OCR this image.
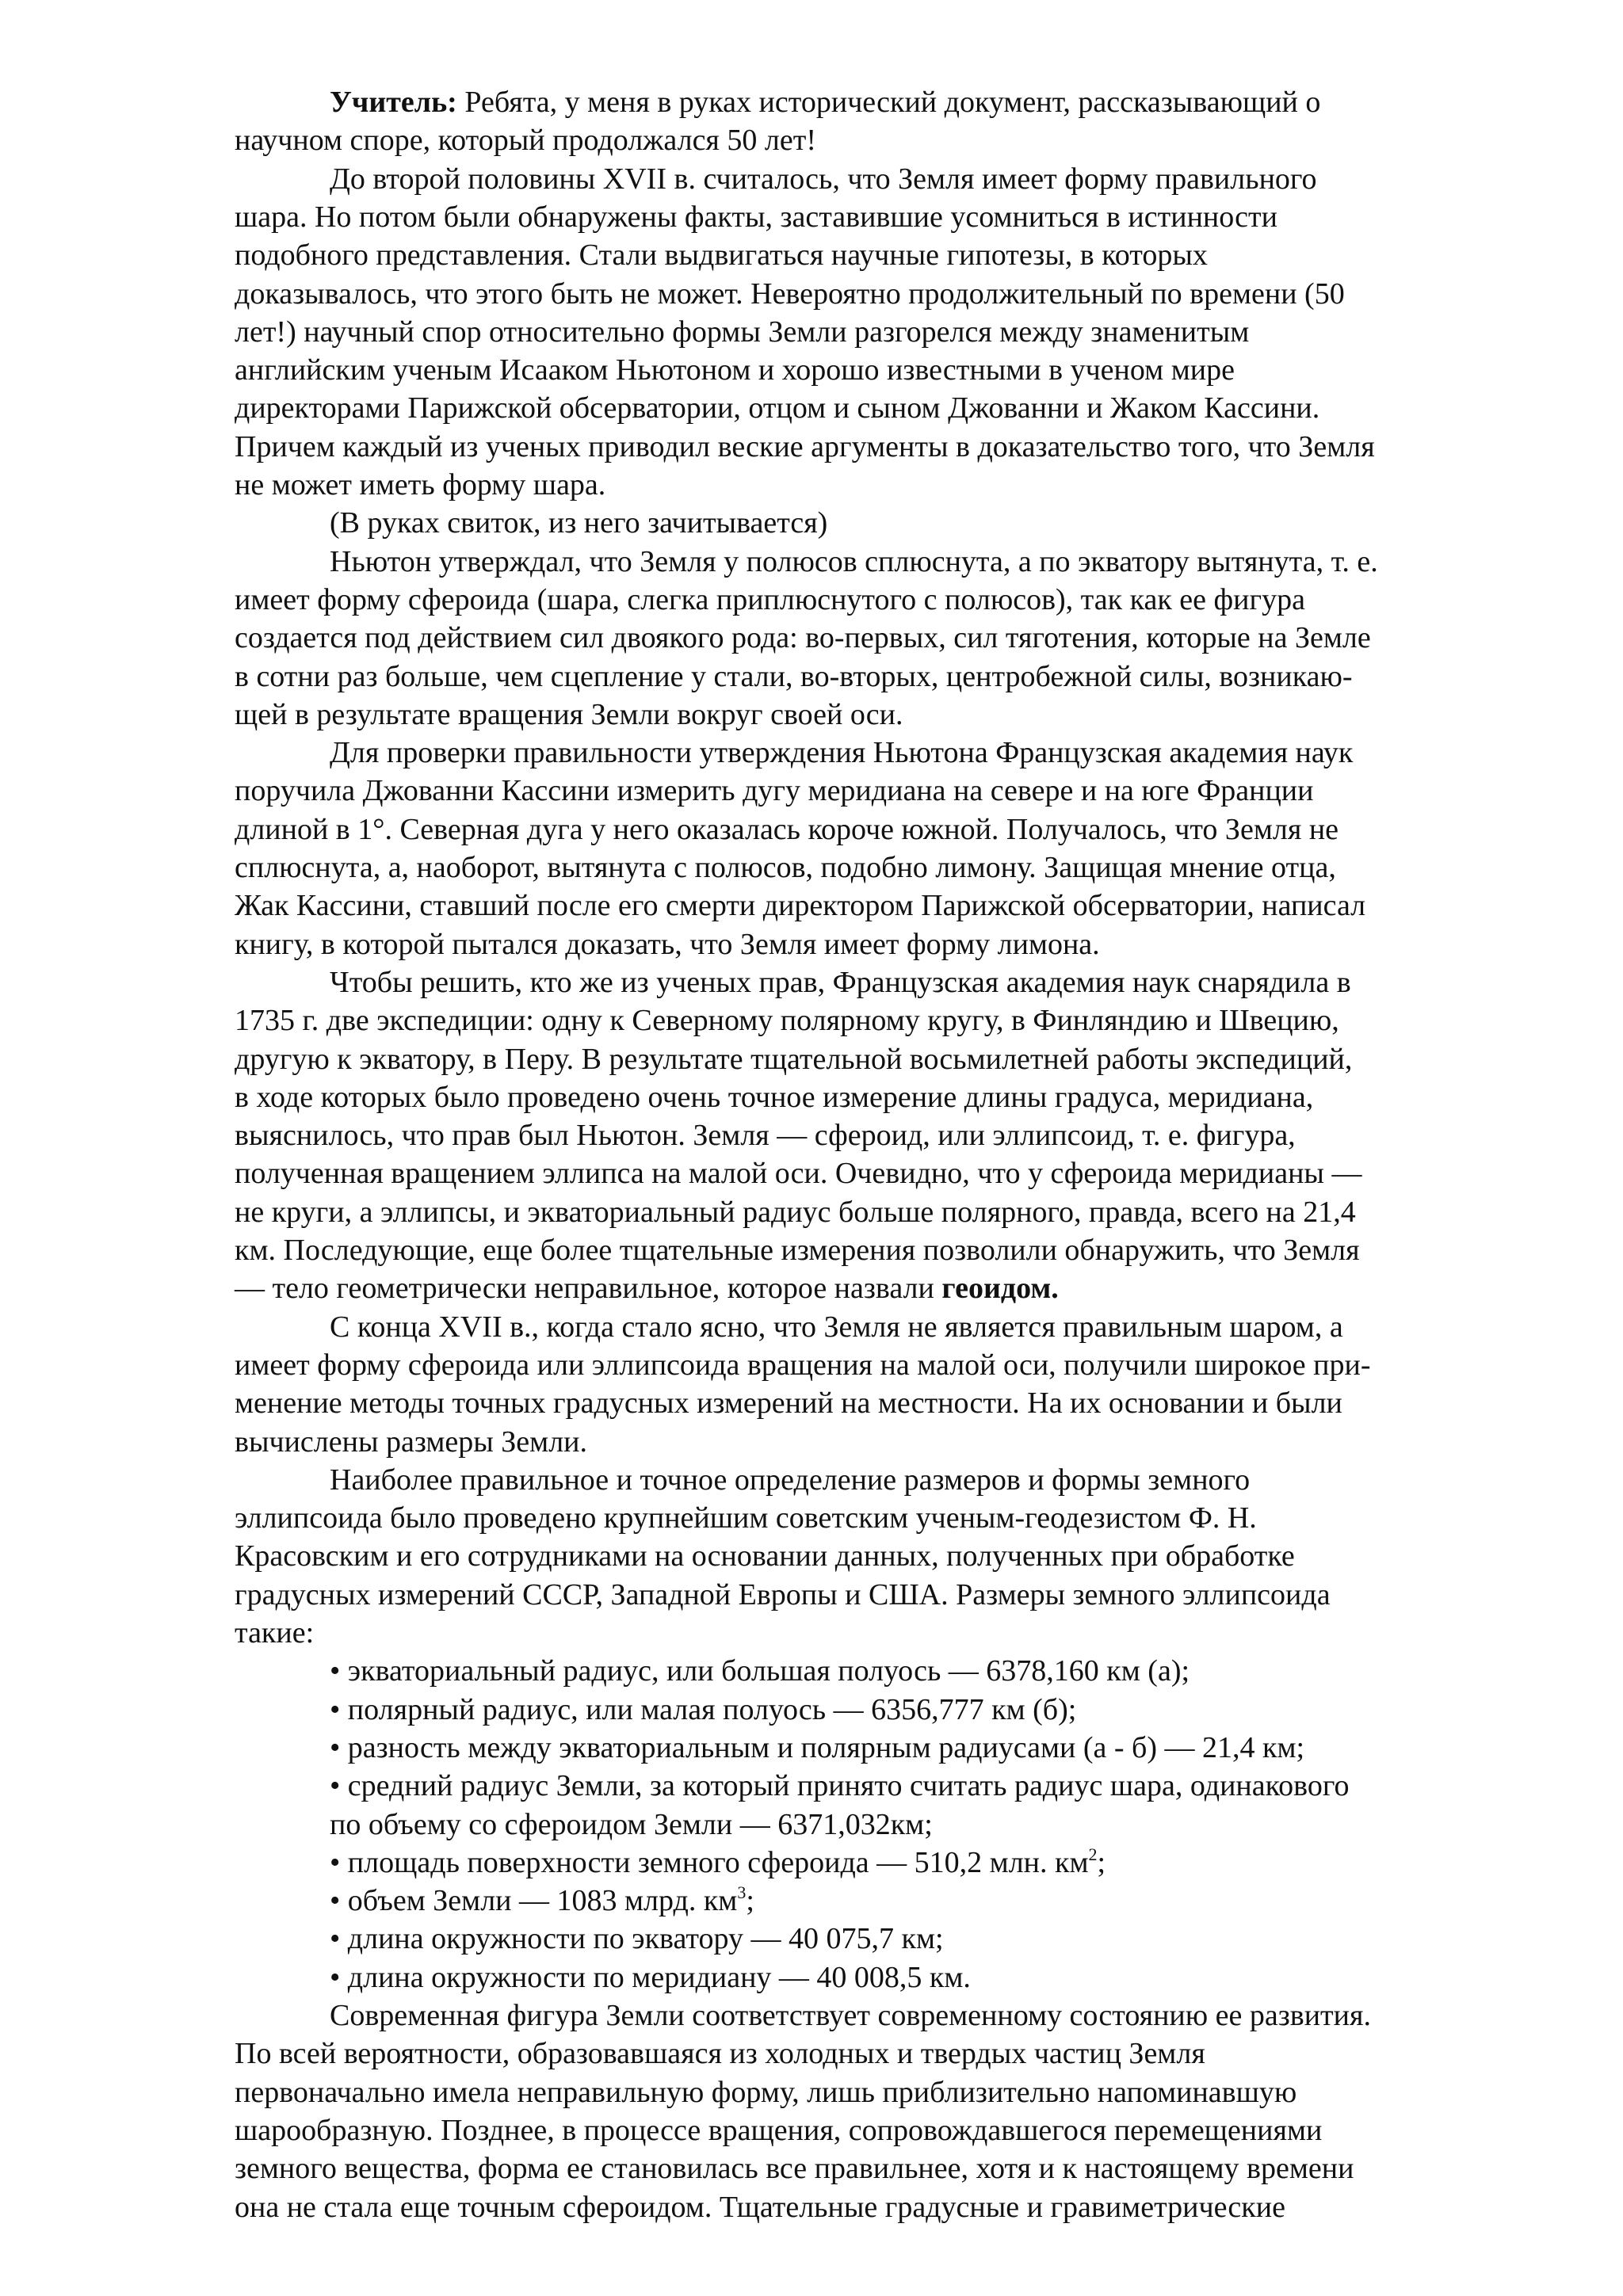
Учитель: Ребята, у меня в руках исторический документ, рассказывающий о
научном споре, который продолжался 50 лет!
До второй половины XVII в. считалось, что Земля имеет форму правильного
шара. Но потом были обнаружены факты, заставившие усомниться в истинности
подобного представления. Стали выдвигаться научные гипотезы, в которых
доказывалось, что этого быть не может. Невероятно продолжительный по времени (50
лет!) научный спор относительно формы Земли разгорелся между знаменитым
английским ученым Исааком Ньютоном и хорошо известными в ученом мире
директорами Парижской обсерватории, отцом и сыном Джованни и Жаком Кассини.
Причем каждый из ученых приводил веские аргументы в доказательство того, что Земля
не может иметь форму шара.
(В руках свиток, из него зачитывается)
Ньютон утверждал, что Земля у полюсов сплюснута, а по экватору вытянута, т. е.
имеет форму сфероида (шара, слегка приплюснутого с полюсов), так как ее фигура
создается под действием сил двоякого рода: во-первых, сил тяготения, которые на Земле
в сотни раз больше, чем сцепление у стали, во-вторых, центробежной силы, возникаю-
щей в результате вращения Земли вокруг своей оси.
Для проверки правильности утверждения Ньютона Французская академия наук
поручила Джованни Кассини измерить дугу меридиана на севере и на юге Франции
длиной в 1°. Северная дуга у него оказалась короче южной. Получалось, что Земля не
сплюснута, а, наоборот, вытянута с полюсов, подобно лимону. Защищая мнение отца,
Жак Кассини, ставший после его смерти директором Парижской обсерватории, написал
книгу, в которой пытался доказать, что Земля имеет форму лимона.
Чтобы решить, кто же из ученых прав, Французская академия наук снарядила в
1735 г. две экспедиции: одну к Северному полярному кругу, в Финляндию и Швецию,
другую к экватору, в Перу. В результате тщательной восьмилетней работы экспедиций,
в ходе которых было проведено очень точное измерение длины градуса, меридиана,
выяснилось, что прав был Ньютон. Земля — сфероид, или эллипсоид, т. е. фигура,
полученная вращением эллипса на малой оси. Очевидно, что у сфероида меридианы —
не круги, а эллипсы, и экваториальный радиус больше полярного, правда, всего на 21,4
км. Последующие, еще более тщательные измерения позволили обнаружить, что Земля
— тело геометрически неправильное, которое назвали геоидом.
С конца XVII в., когда стало ясно, что Земля не является правильным шаром, а
имеет форму сфероида или эллипсоида вращения на малой оси, получили широкое при-
менение методы точных градусных измерений на местности. На их основании и были
вычислены размеры Земли.
Наиболее правильное и точное определение размеров и формы земного
эллипсоида было проведено крупнейшим советским ученым-геодезистом Ф. Н.
Красовским и его сотрудниками на основании данных, полученных при обработке
градусных измерений СССР, Западной Европы и США. Размеры земного эллипсоида
такие:
• экваториальный радиус, или большая полуось — 6378,160 км (а);
• полярный радиус, или малая полуось — 6356,777 км (б);
• разность между экваториальным и полярным радиусами (а - б) — 21,4 км;
• средний радиус Земли, за который принято считать радиус шара, одинакового
по объему со сфероидом Земли — 6371,032км;
• площадь поверхности земного сфероида — 510,2 млн. $км^2$;
• объем Земли — 1083 млрд. $км^3$;
• длина окружности по экватору — 40 075,7 км;
• длина окружности по меридиану — 40 008,5 км.
Современная фигура Земли соответствует современному состоянию ее развития.
По всей вероятности, образовавшаяся из холодных и твердых частиц Земля
первоначально имела неправильную форму, лишь приблизительно напоминавшую
шарообразную. Позднее, в процессе вращения, сопровождавшегося перемещениями
земного вещества, форма ее становилась все правильнее, хотя и к настоящему времени
она не стала еще точным сфероидом. Тщательные градусные и гравиметрические
